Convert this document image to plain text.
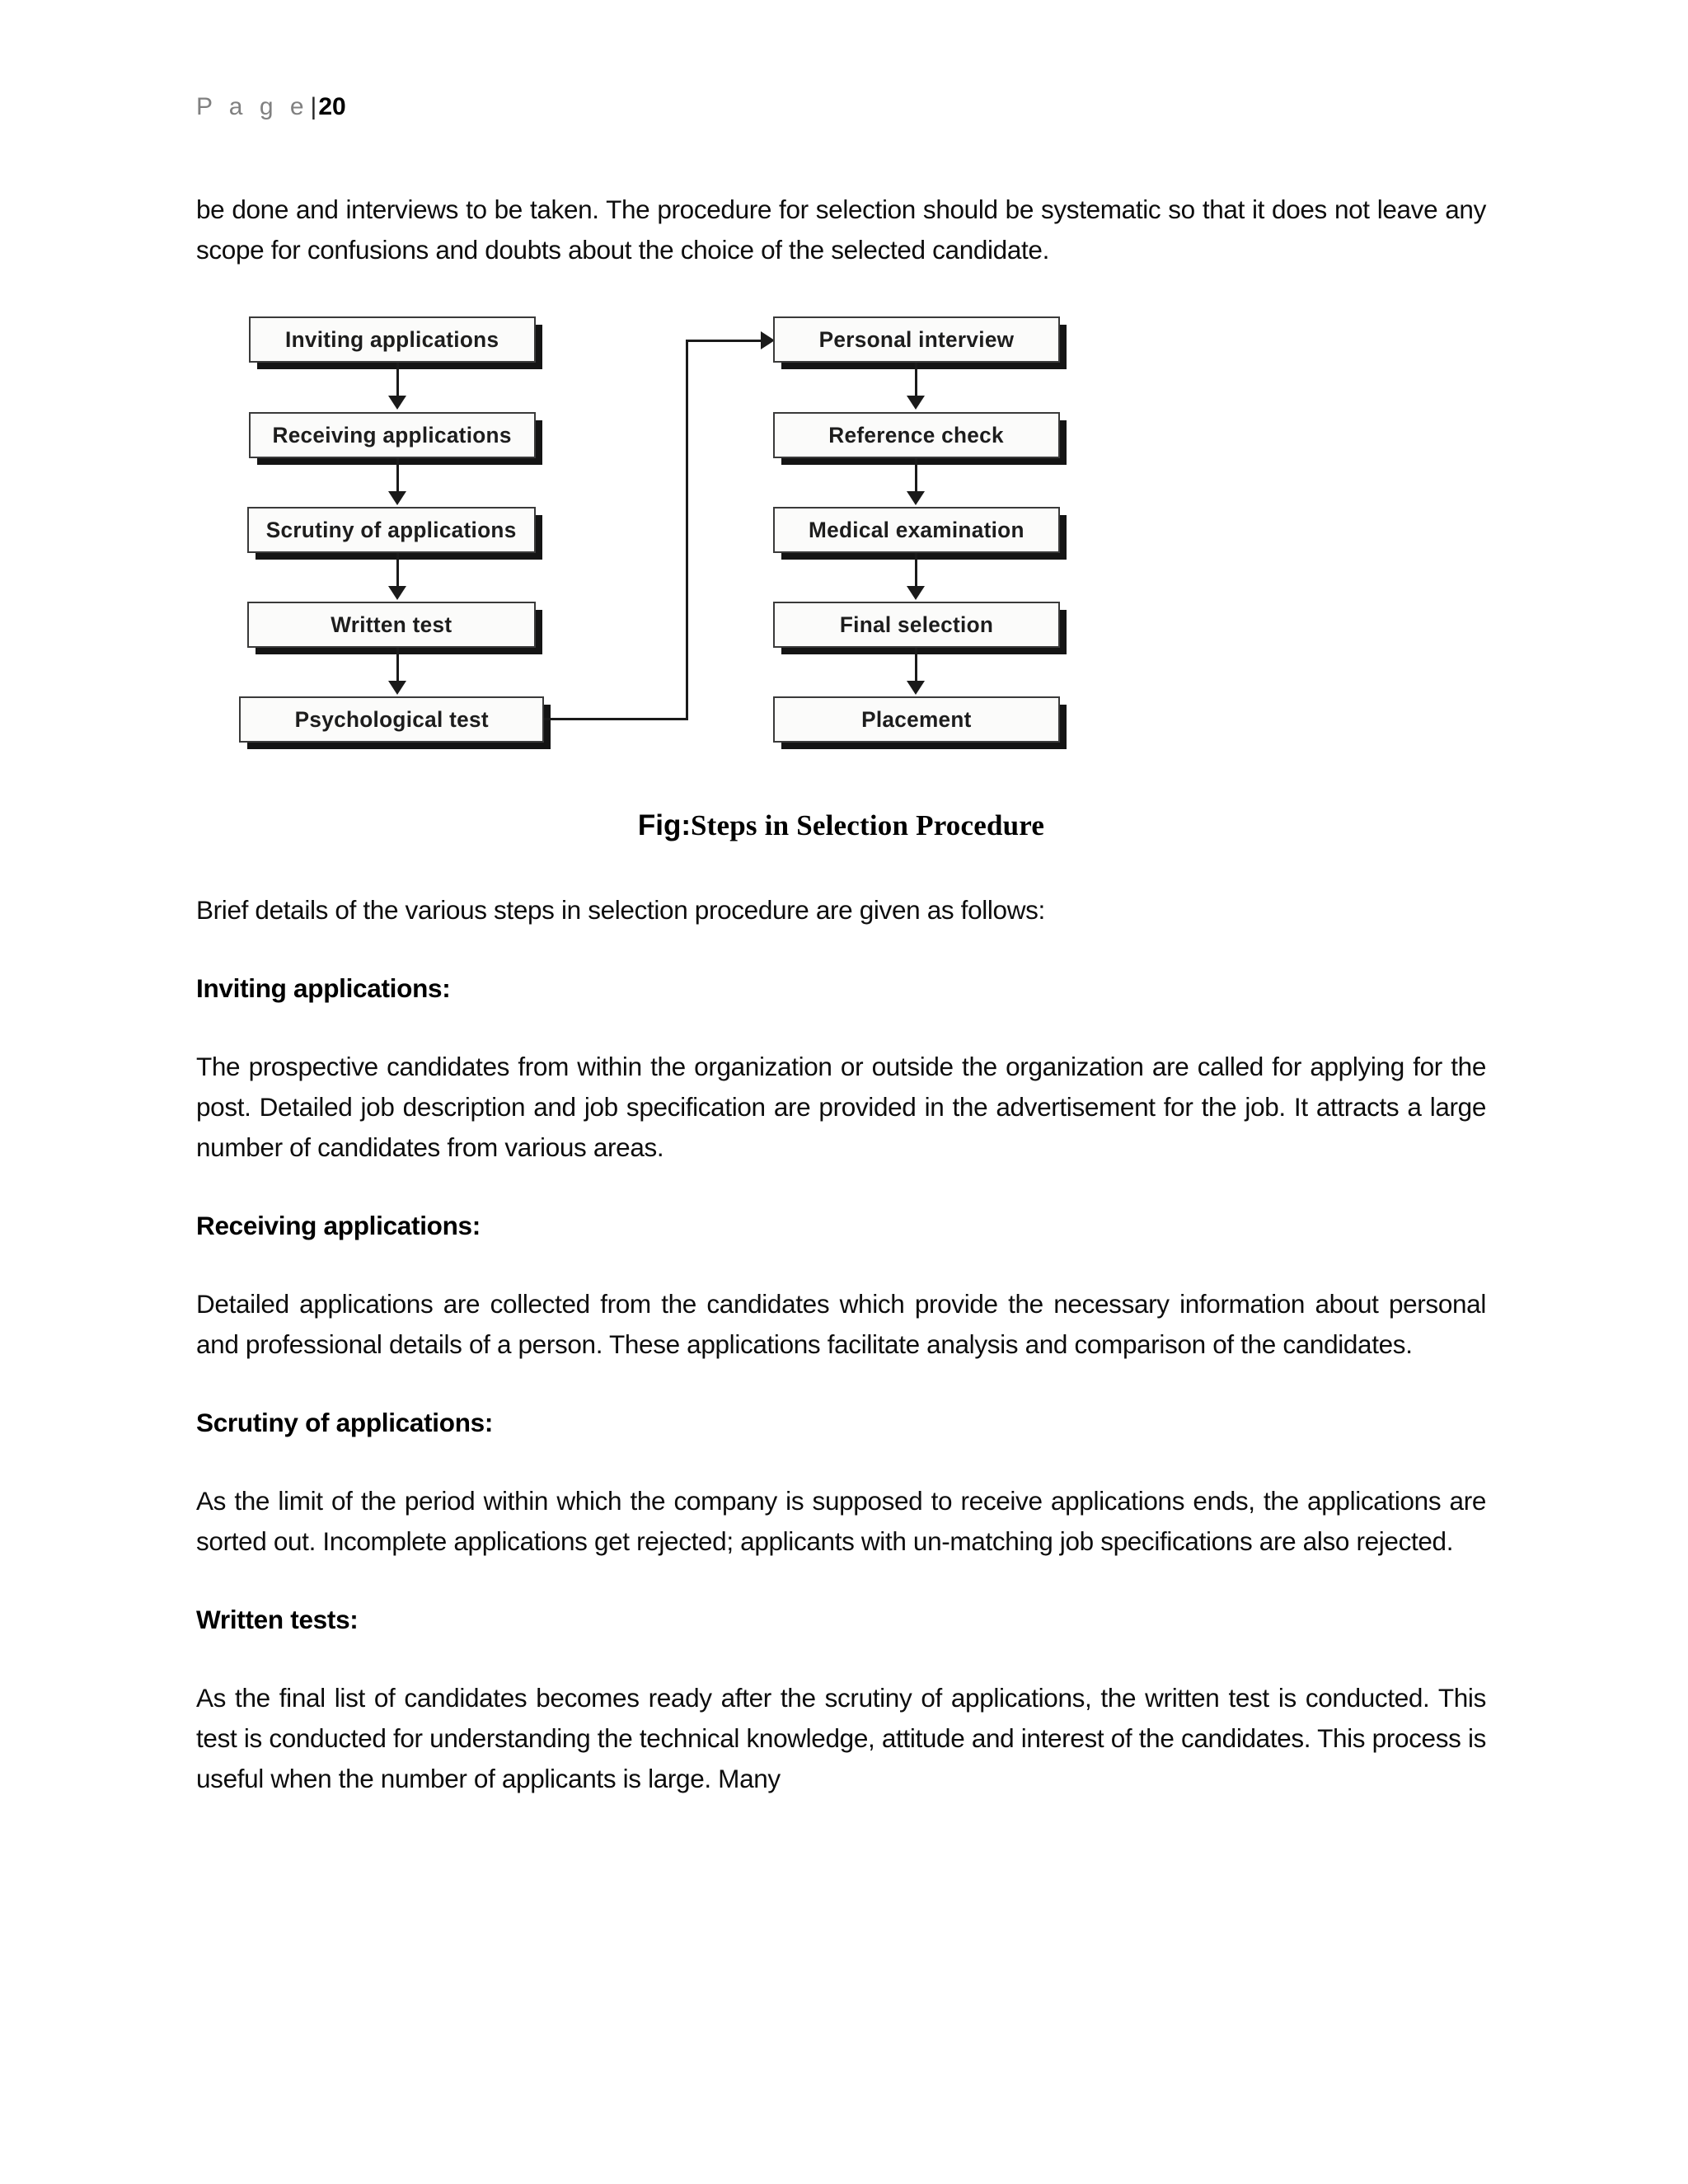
P a g e|20

be done and interviews to be taken. The procedure for selection should be systematic so that it does not leave any scope for confusions and doubts about the choice of the selected candidate.

Inviting applications
Receiving applications
Scrutiny of applications
Written test
Psychological test
Personal interview
Reference check
Medical examination
Final selection
Placement
Fig:Steps in Selection Procedure

Brief details of the various steps in selection procedure are given as follows:

Inviting applications:

The prospective candidates from within the organization or outside the organization are called for applying for the post. Detailed job description and job specification are provided in the advertisement for the job. It attracts a large number of candidates from various areas.

Receiving applications:

Detailed applications are collected from the candidates which provide the necessary information about personal and professional details of a person. These applications facilitate analysis and comparison of the candidates.

Scrutiny of applications:

As the limit of the period within which the company is supposed to receive applications ends, the applications are sorted out. Incomplete applications get rejected; applicants with un-matching job specifications are also rejected.

Written tests:

As the final list of candidates becomes ready after the scrutiny of applications, the written test is conducted. This test is conducted for understanding the technical knowledge, attitude and interest of the candidates. This process is useful when the number of applicants is large. Many
